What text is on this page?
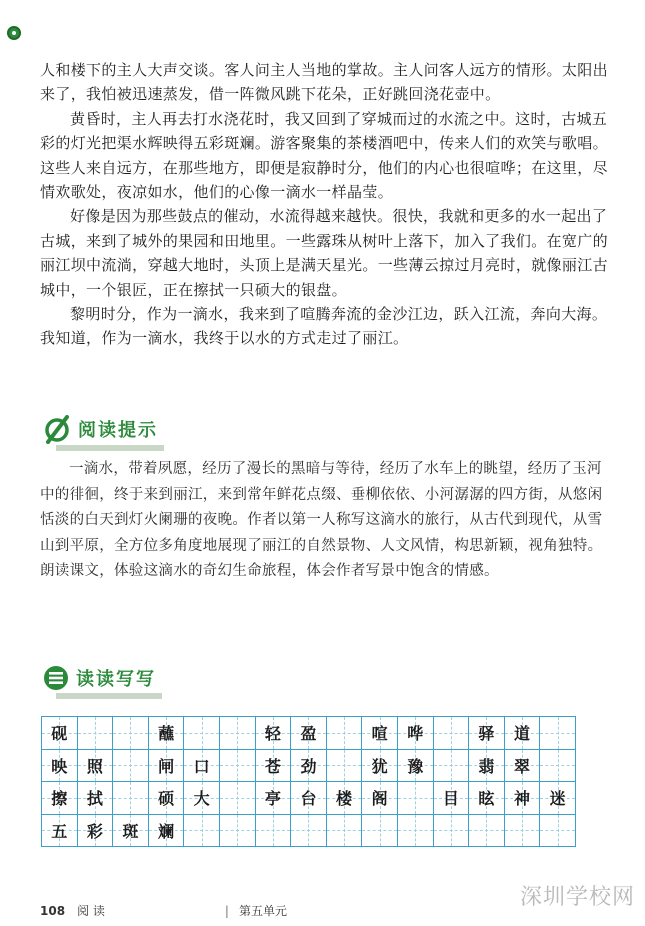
人和楼下的主人大声交谈。客人问主人当地的掌故。主人问客人远方的情形。太阳出来了，我怕被迅速蒸发，借一阵微风跳下花朵，正好跳回浇花壶中。

黄昏时，主人再去打水浇花时，我又回到了穿城而过的水流之中。这时，古城五彩的灯光把渠水辉映得五彩斑斓。游客聚集的茶楼酒吧中，传来人们的欢笑与歌唱。这些人来自远方，在那些地方，即便是寂静时分，他们的内心也很喧哗；在这里，尽情欢歌处，夜凉如水，他们的心像一滴水一样晶莹。

好像是因为那些鼓点的催动，水流得越来越快。很快，我就和更多的水一起出了古城，来到了城外的果园和田地里。一些露珠从树叶上落下，加入了我们。在宽广的丽江坝中流淌，穿越大地时，头顶上是满天星光。一些薄云掠过月亮时，就像丽江古城中，一个银匠，正在擦拭一只硕大的银盘。

黎明时分，作为一滴水，我来到了喧腾奔流的金沙江边，跃入江流，奔向大海。我知道，作为一滴水，我终于以水的方式走过了丽江。

阅读提示

一滴水，带着夙愿，经历了漫长的黑暗与等待，经历了水车上的眺望，经历了玉河中的徘徊，终于来到丽江，来到常年鲜花点缀、垂柳依依、小河潺潺的四方街，从悠闲恬淡的白天到灯火阑珊的夜晚。作者以第一人称写这滴水的旅行，从古代到现代，从雪山到平原，全方位多角度地展现了丽江的自然景物、人文风情，构思新颖，视角独特。朗读课文，体验这滴水的奇幻生命旅程，体会作者写景中饱含的情感。

读读写写
砚	蘸	轻 盈	喧 哗	驿 道
映 照	闸 口	苍 劲	犹 豫	翡 翠
擦 拭	硕 大	亭 台 楼 阁	目 眩 神 迷
五 彩 斑 斓
108 阅 读	| 第五单元
深圳学校网
